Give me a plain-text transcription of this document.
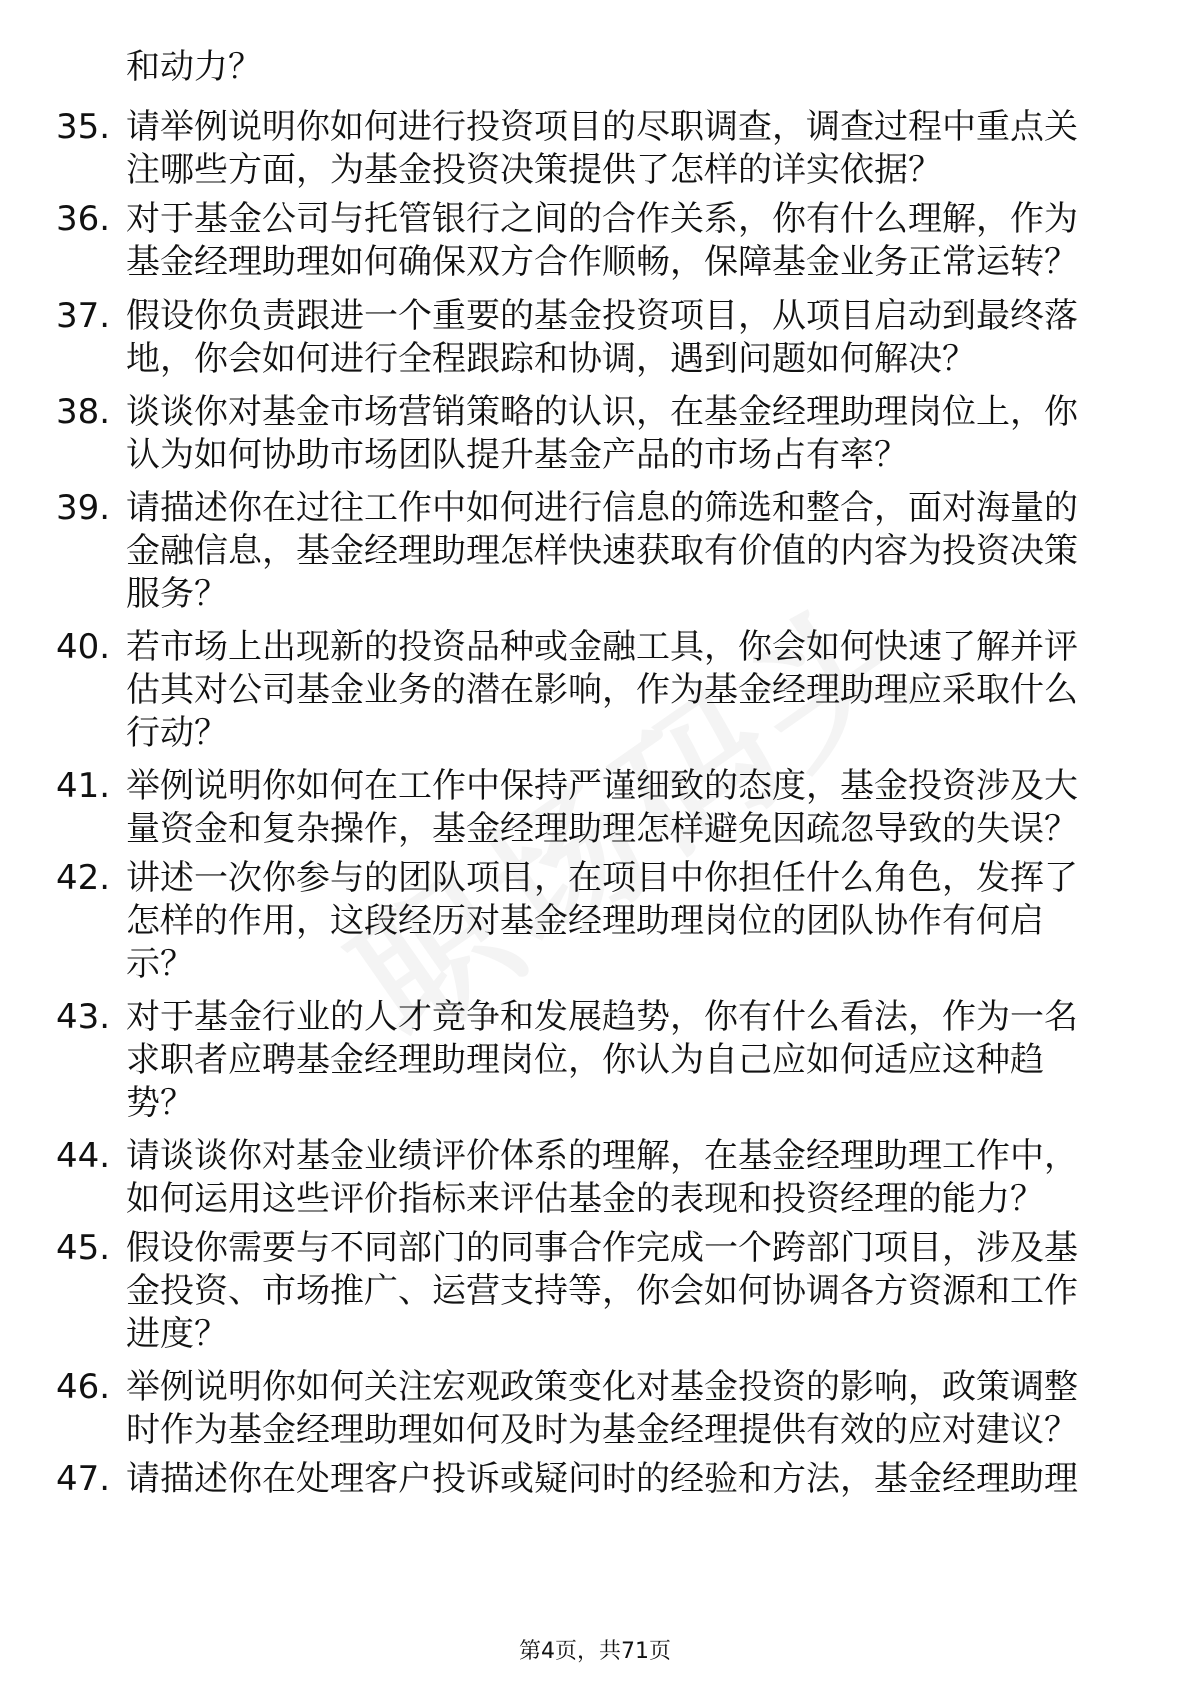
和动力？
35. 请举例说明你如何进行投资项目的尽职调查，调查过程中重点关
注哪些方面，为基金投资决策提供了怎样的详实依据？
36. 对于基金公司与托管银行之间的合作关系，你有什么理解，作为
基金经理助理如何确保双方合作顺畅，保障基金业务正常运转？
37. 假设你负责跟进一个重要的基金投资项目，从项目启动到最终落
地，你会如何进行全程跟踪和协调，遇到问题如何解决？
38. 谈谈你对基金市场营销策略的认识，在基金经理助理岗位上，你
认为如何协助市场团队提升基金产品的市场占有率？
39. 请描述你在过往工作中如何进行信息的筛选和整合，面对海量的
金融信息，基金经理助理怎样快速获取有价值的内容为投资决策
服务？
40. 若市场上出现新的投资品种或金融工具，你会如何快速了解并评
估其对公司基金业务的潜在影响，作为基金经理助理应采取什么
行动？
41. 举例说明你如何在工作中保持严谨细致的态度，基金投资涉及大
量资金和复杂操作，基金经理助理怎样避免因疏忽导致的失误？
42. 讲述一次你参与的团队项目，在项目中你担任什么角色，发挥了
怎样的作用，这段经历对基金经理助理岗位的团队协作有何启
示？
43. 对于基金行业的人才竞争和发展趋势，你有什么看法，作为一名
求职者应聘基金经理助理岗位，你认为自己应如何适应这种趋
势？
44. 请谈谈你对基金业绩评价体系的理解，在基金经理助理工作中，
如何运用这些评价指标来评估基金的表现和投资经理的能力？
45. 假设你需要与不同部门的同事合作完成一个跨部门项目，涉及基
金投资、市场推广、运营支持等，你会如何协调各方资源和工作
进度？
46. 举例说明你如何关注宏观政策变化对基金投资的影响，政策调整
时作为基金经理助理如何及时为基金经理提供有效的应对建议？
47. 请描述你在处理客户投诉或疑问时的经验和方法，基金经理助理
第4页，共71页
